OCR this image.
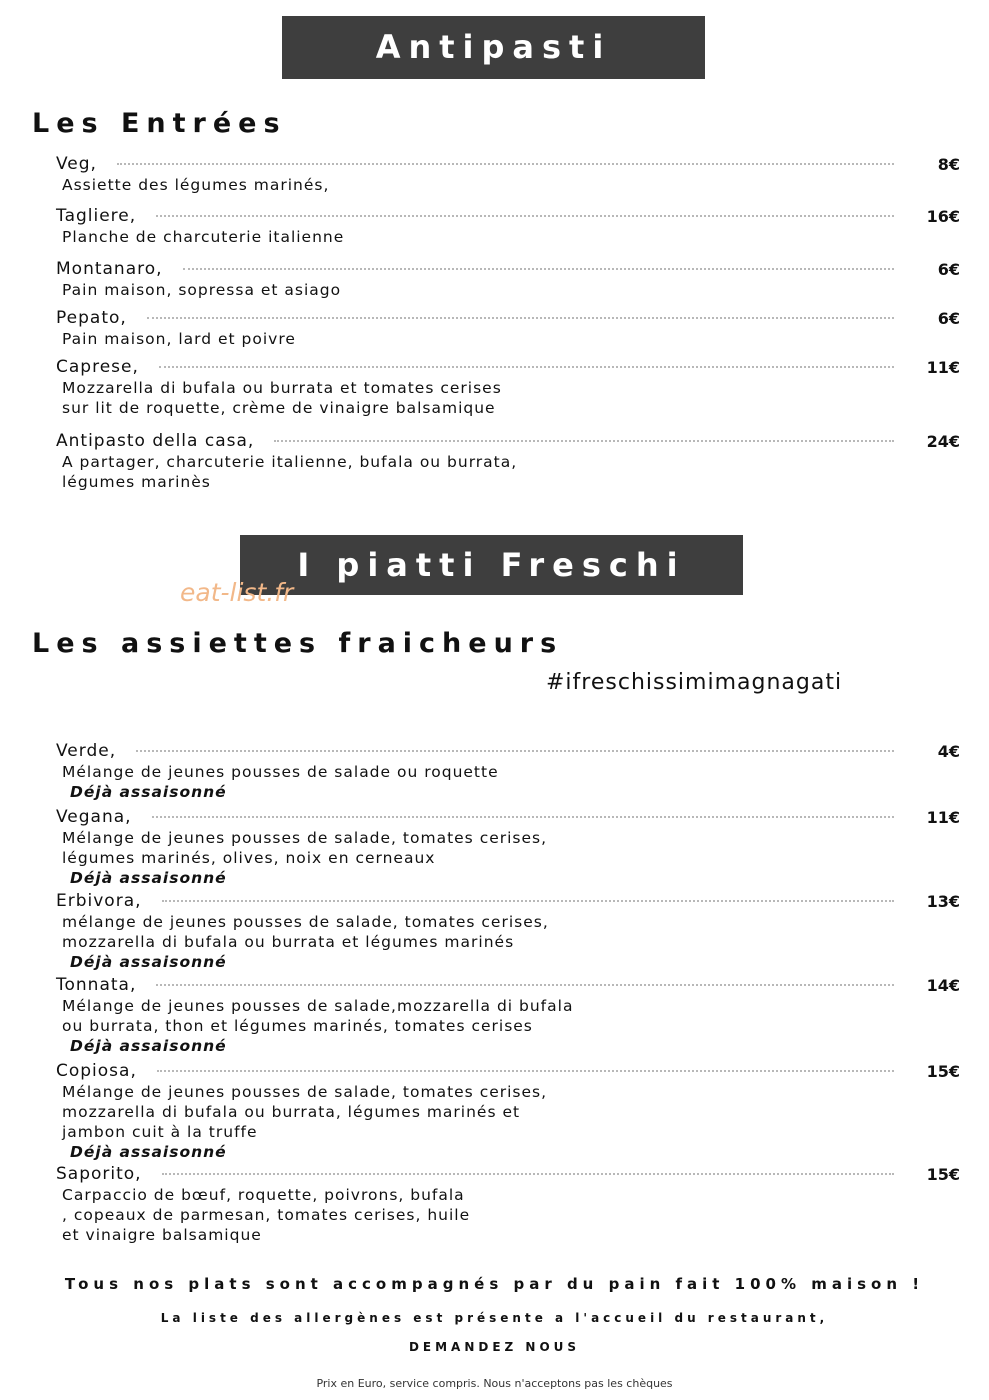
Antipasti
Les Entrées
Veg,	8€
Assiette des légumes marinés,
Tagliere,	16€
Planche de charcuterie italienne
Montanaro,	6€
Pain maison, sopressa et asiago
Pepato,	6€
Pain maison, lard et poivre
Caprese,	11€
Mozzarella di bufala ou burrata et tomates cerises
sur lit de roquette, crème de vinaigre balsamique
Antipasto della casa,	24€
A partager, charcuterie italienne, bufala ou burrata,
légumes marinès
I piatti Freschi
eat-list.fr
Les assiettes fraicheurs
#ifreschissimimagnagati
Verde,	4€
Mélange de jeunes pousses de salade ou roquette
Déjà assaisonné
Vegana,	11€
Mélange de jeunes pousses de salade, tomates cerises,
légumes marinés, olives, noix en cerneaux
Déjà assaisonné
Erbivora,	13€
mélange de jeunes pousses de salade, tomates cerises,
mozzarella di bufala ou burrata et légumes marinés
Déjà assaisonné
Tonnata,	14€
Mélange de jeunes pousses de salade,mozzarella di bufala
ou burrata, thon et légumes marinés, tomates cerises
Déjà assaisonné
Copiosa,	15€
Mélange de jeunes pousses de salade, tomates cerises,
mozzarella di bufala ou burrata, légumes marinés et
jambon cuit à la truffe
Déjà assaisonné
Saporito,	15€
Carpaccio de bœuf, roquette, poivrons, bufala
, copeaux de parmesan, tomates cerises, huile
et vinaigre balsamique
Tous nos plats sont accompagnés par du pain fait 100% maison !
La liste des allergènes est présente a l'accueil du restaurant,
DEMANDEZ NOUS
Prix en Euro, service compris. Nous n'acceptons pas les chèques
